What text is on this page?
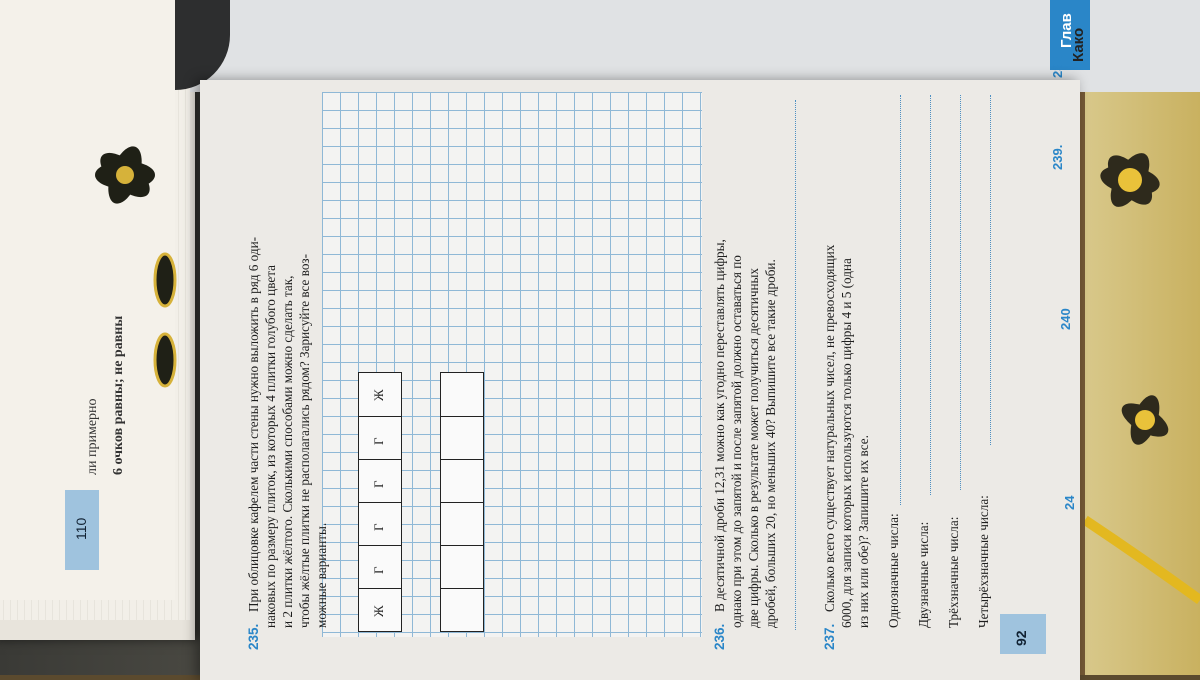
ли примерно 6 очков равны; не равны
110
Глав
Како
238.
239.
240
24
235.
При облицовке кафелем части стены нужно выложить в ряд 6 оди- наковых по размеру плиток, из которых 4 плитки голубого цвета и 2 плитки жёлтого. Сколькими способами можно сделать так, чтобы жёлтые плитки не располагались рядом? Зарисуйте все воз- можные варианты.
Ж
Г
Г
Г
Г
Ж
236.
В десятичной дроби 12,31 можно как угодно переставлять цифры, однако при этом до запятой и после запятой должно оставаться по две цифры. Сколько в результате может получиться десятичных дробей, больших 20, но меньших 40? Выпишите все такие дроби.
237.
Сколько всего существует натуральных чисел, не превосходящих 6000, для записи которых используются только цифры 4 и 5 (одна из них или обе)? Запишите их все. Однозначные числа: Двузначные числа: Трёхзначные числа: Четырёхзначные числа:
92
